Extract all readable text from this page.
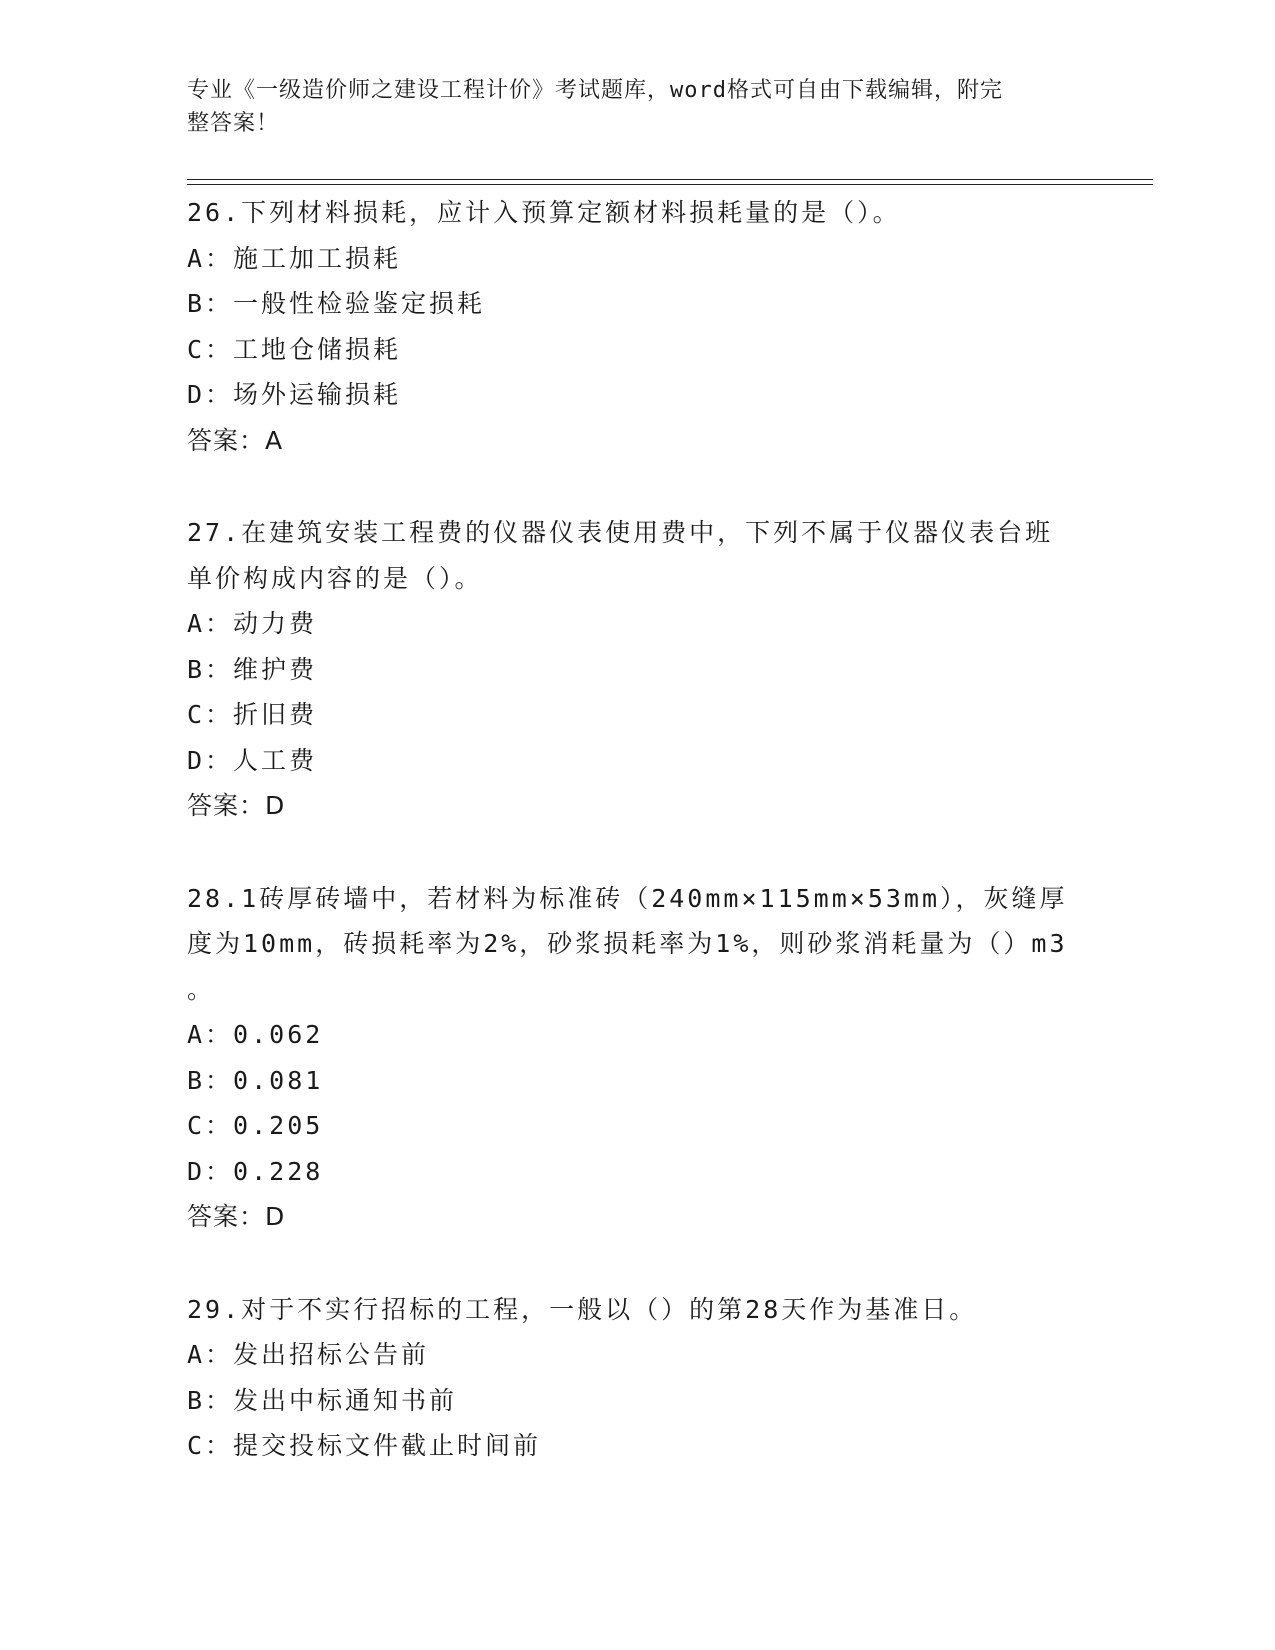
专业《一级造价师之建设工程计价》考试题库，word格式可自由下载编辑，附完
整答案！
26.下列材料损耗，应计入预算定额材料损耗量的是（）。
A：施工加工损耗
B：一般性检验鉴定损耗
C：工地仓储损耗
D：场外运输损耗
答案：A
27.在建筑安装工程费的仪器仪表使用费中，下列不属于仪器仪表台班
单价构成内容的是（）。
A：动力费
B：维护费
C：折旧费
D：人工费
答案：D
28.1砖厚砖墙中，若材料为标准砖（240mm×115mm×53mm），灰缝厚
度为10mm，砖损耗率为2%，砂浆损耗率为1%，则砂浆消耗量为（）m3
。
A：0.062
B：0.081
C：0.205
D：0.228
答案：D
29.对于不实行招标的工程，一般以（）的第28天作为基准日。
A：发出招标公告前
B：发出中标通知书前
C：提交投标文件截止时间前
